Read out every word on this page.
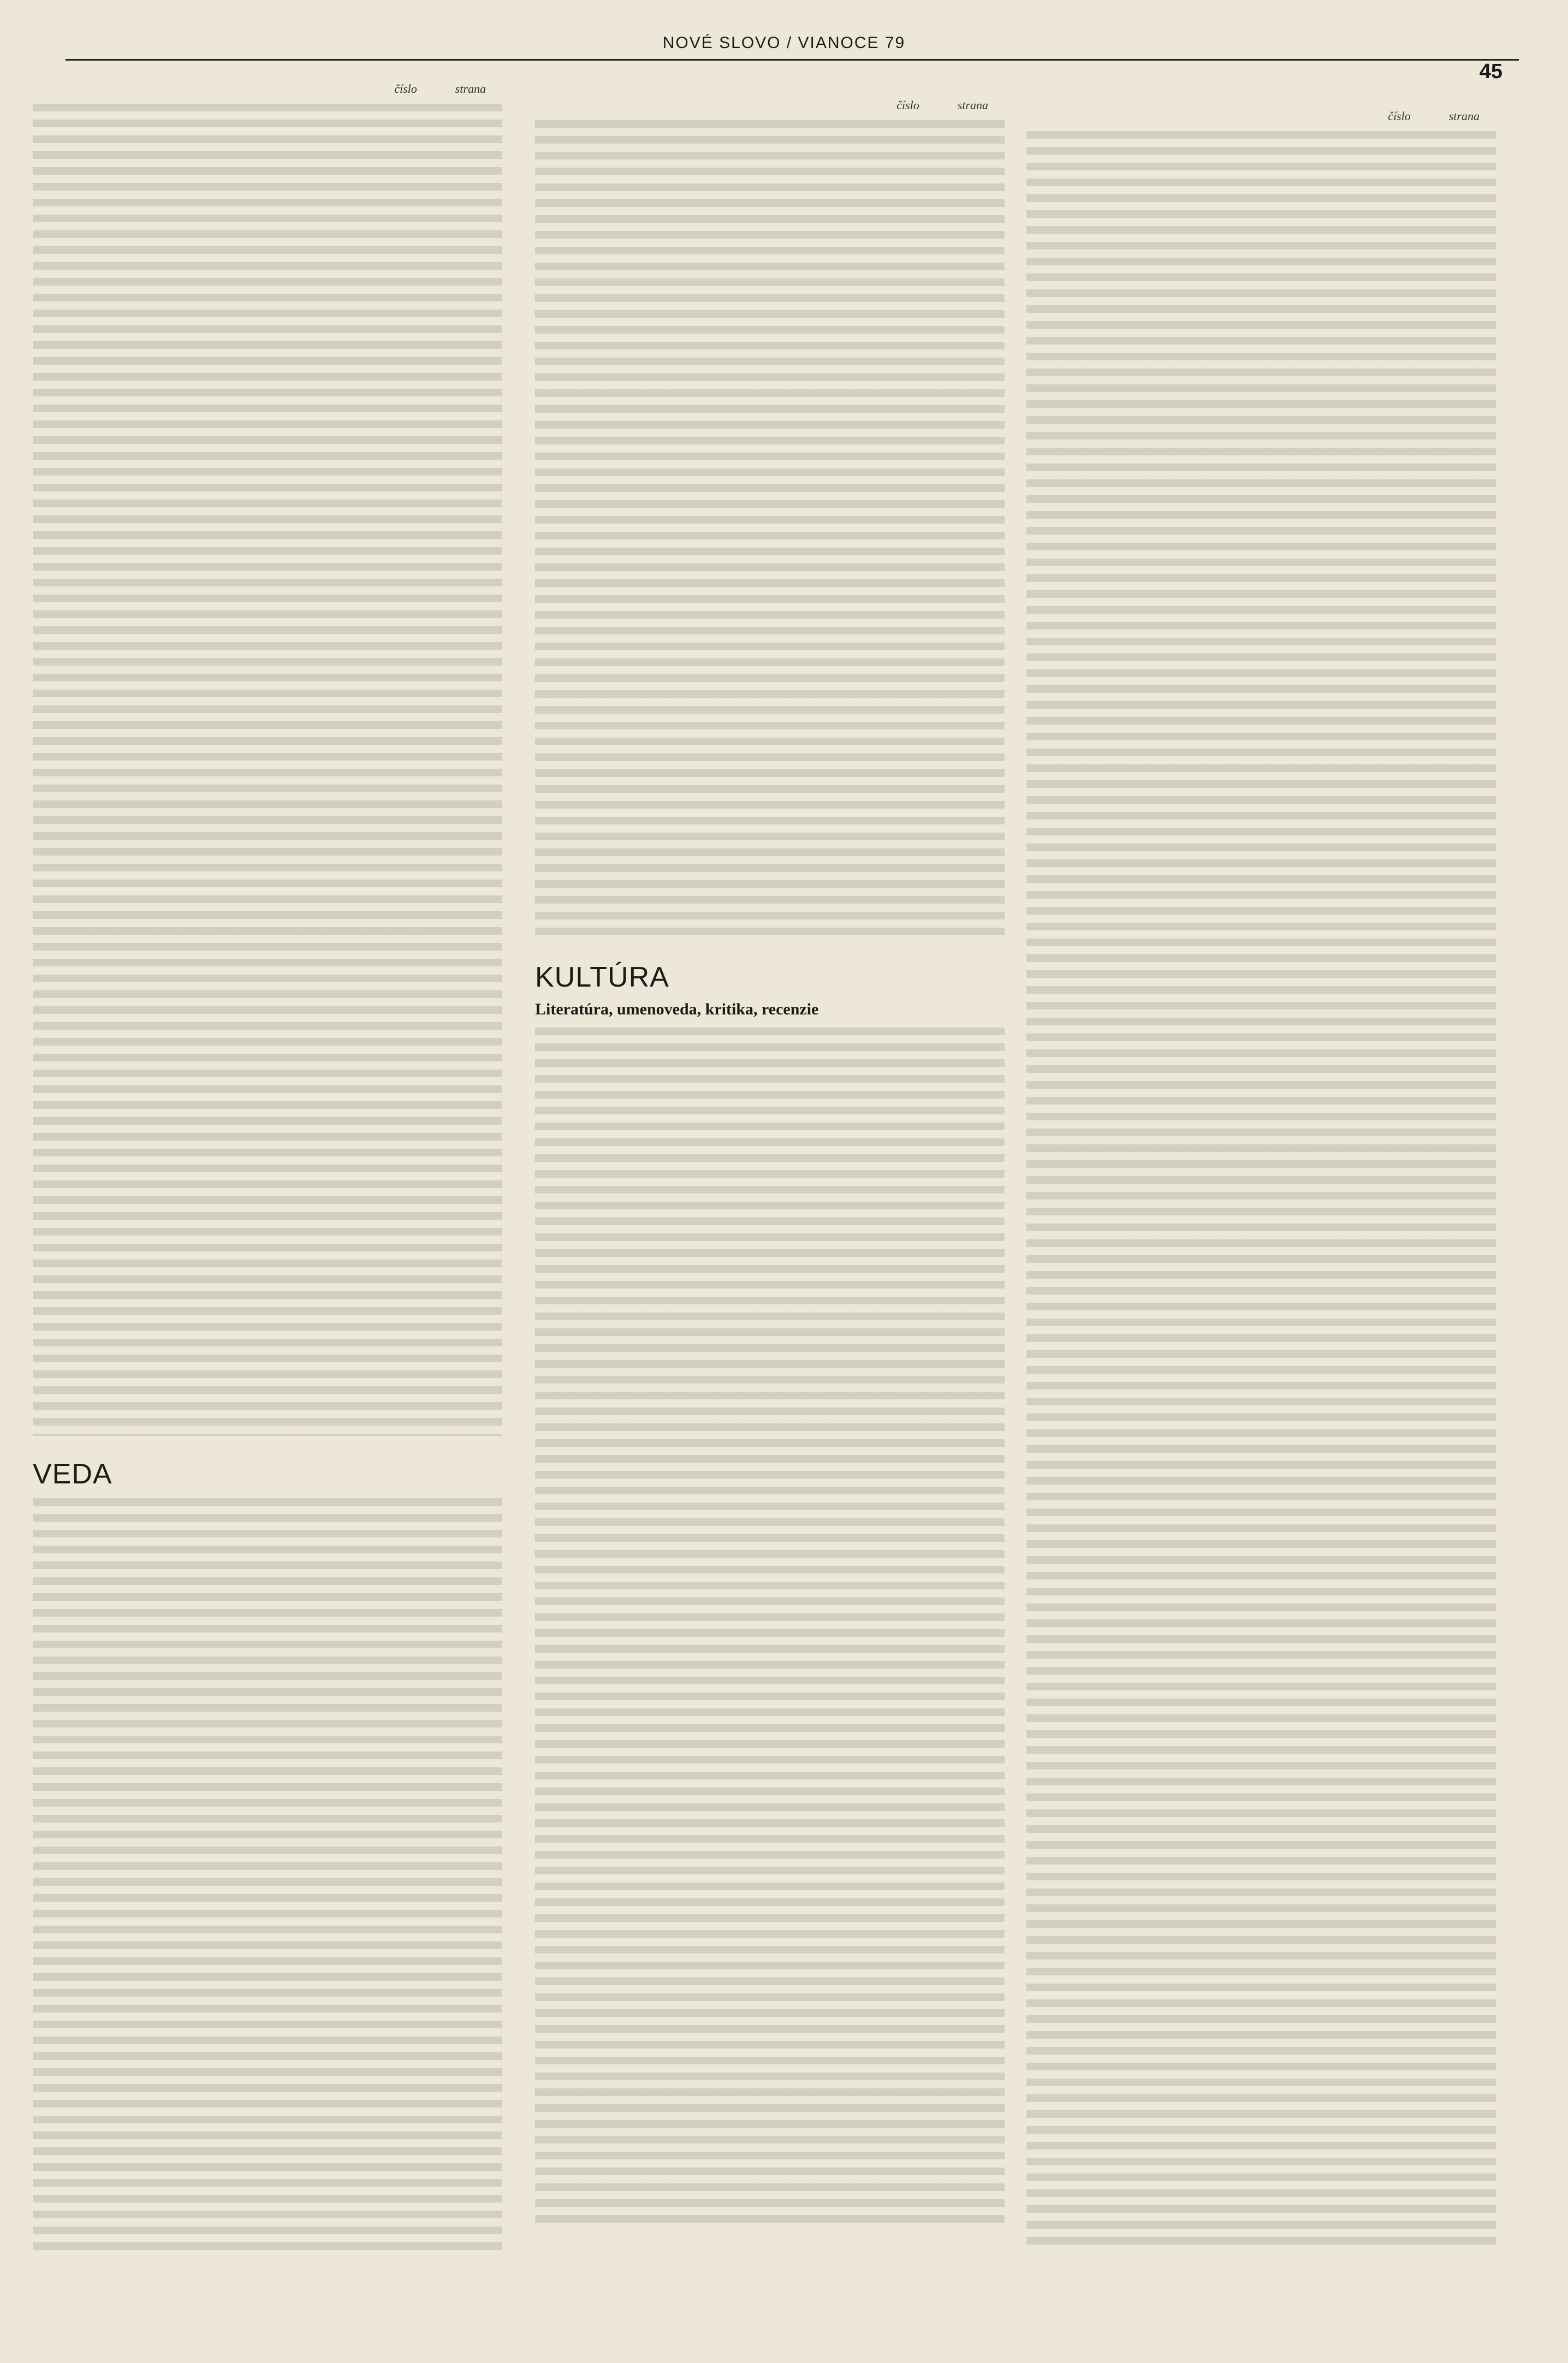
NOVÉ SLOVO / VIANOCE 79
45
číslo	strana
VEDA
číslo	strana
KULTÚRA
Literatúra, umenoveda, kritika, recenzie
číslo	strana
